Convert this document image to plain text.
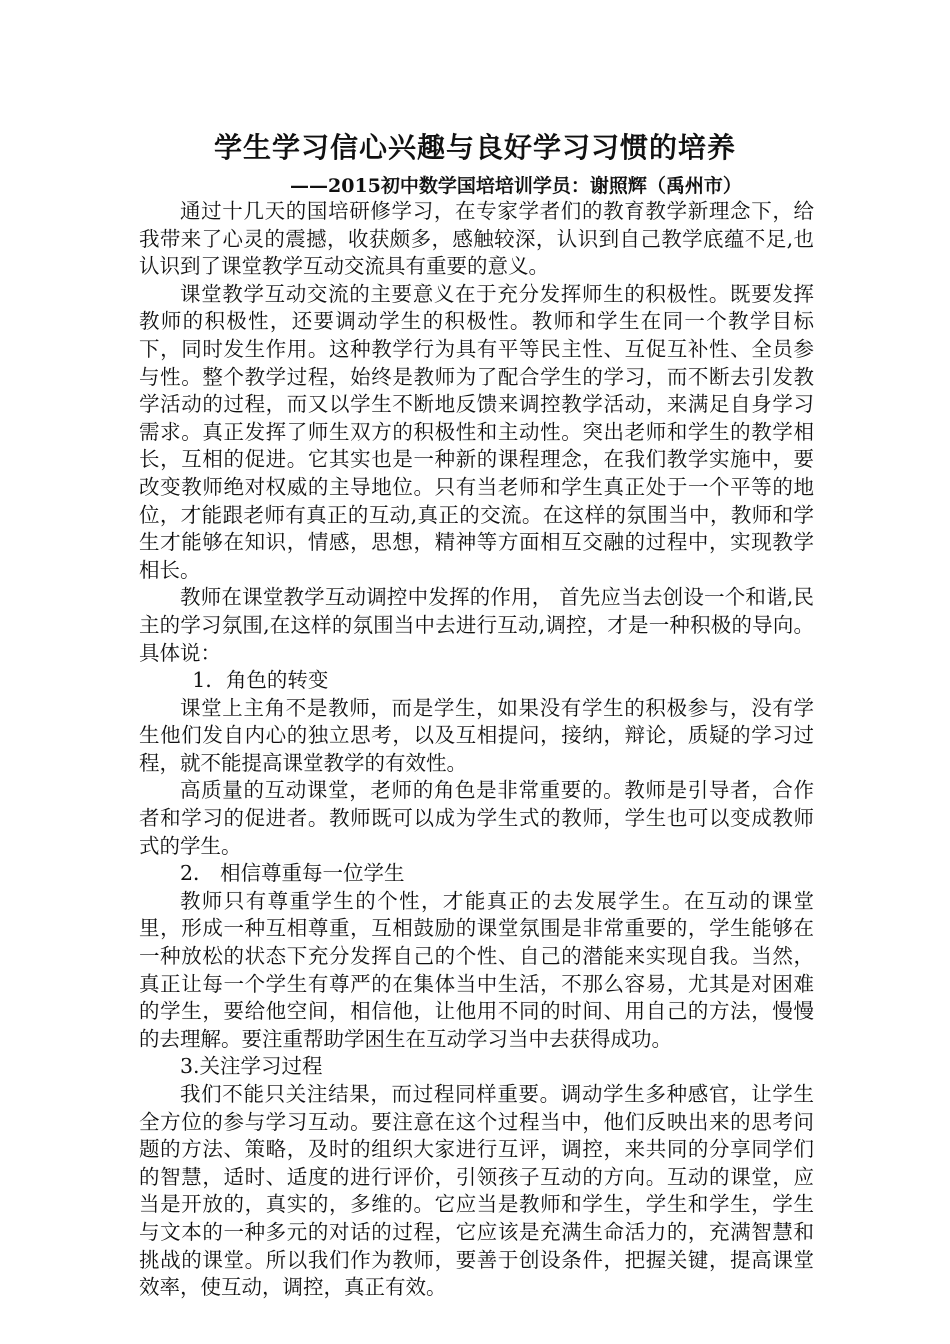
学生学习信心兴趣与良好学习习惯的培养
——2015初中数学国培培训学员：谢照辉（禹州市）

通过十几天的国培研修学习，在专家学者们的教育教学新理念下，给我带来了心灵的震撼，收获颇多，感触较深，认识到自己教学底蕴不足,也认识到了课堂教学互动交流具有重要的意义。

课堂教学互动交流的主要意义在于充分发挥师生的积极性。既要发挥教师的积极性，还要调动学生的积极性。教师和学生在同一个教学目标下，同时发生作用。这种教学行为具有平等民主性、互促互补性、全员参与性。整个教学过程，始终是教师为了配合学生的学习，而不断去引发教学活动的过程，而又以学生不断地反馈来调控教学活动，来满足自身学习需求。真正发挥了师生双方的积极性和主动性。突出老师和学生的教学相长，互相的促进。它其实也是一种新的课程理念，在我们教学实施中，要改变教师绝对权威的主导地位。只有当老师和学生真正处于一个平等的地位，才能跟老师有真正的互动,真正的交流。在这样的氛围当中，教师和学生才能够在知识，情感，思想，精神等方面相互交融的过程中，实现教学相长。

教师在课堂教学互动调控中发挥的作用， 首先应当去创设一个和谐,民主的学习氛围,在这样的氛围当中去进行互动,调控，才是一种积极的导向。具体说：

1．角色的转变

课堂上主角不是教师，而是学生，如果没有学生的积极参与，没有学生他们发自内心的独立思考，以及互相提问，接纳，辩论，质疑的学习过程，就不能提高课堂教学的有效性。

高质量的互动课堂，老师的角色是非常重要的。教师是引导者，合作者和学习的促进者。教师既可以成为学生式的教师，学生也可以变成教师式的学生。

2． 相信尊重每一位学生

教师只有尊重学生的个性，才能真正的去发展学生。在互动的课堂里，形成一种互相尊重，互相鼓励的课堂氛围是非常重要的，学生能够在一种放松的状态下充分发挥自己的个性、自己的潜能来实现自我。当然，真正让每一个学生有尊严的在集体当中生活，不那么容易，尤其是对困难的学生，要给他空间，相信他，让他用不同的时间、用自己的方法，慢慢的去理解。要注重帮助学困生在互动学习当中去获得成功。

3.关注学习过程

我们不能只关注结果，而过程同样重要。调动学生多种感官，让学生全方位的参与学习互动。要注意在这个过程当中，他们反映出来的思考问题的方法、策略，及时的组织大家进行互评，调控，来共同的分享同学们的智慧，适时、适度的进行评价，引领孩子互动的方向。互动的课堂，应当是开放的，真实的，多维的。它应当是教师和学生，学生和学生，学生与文本的一种多元的对话的过程，它应该是充满生命活力的，充满智慧和挑战的课堂。所以我们作为教师，要善于创设条件，把握关键，提高课堂效率，使互动，调控，真正有效。
